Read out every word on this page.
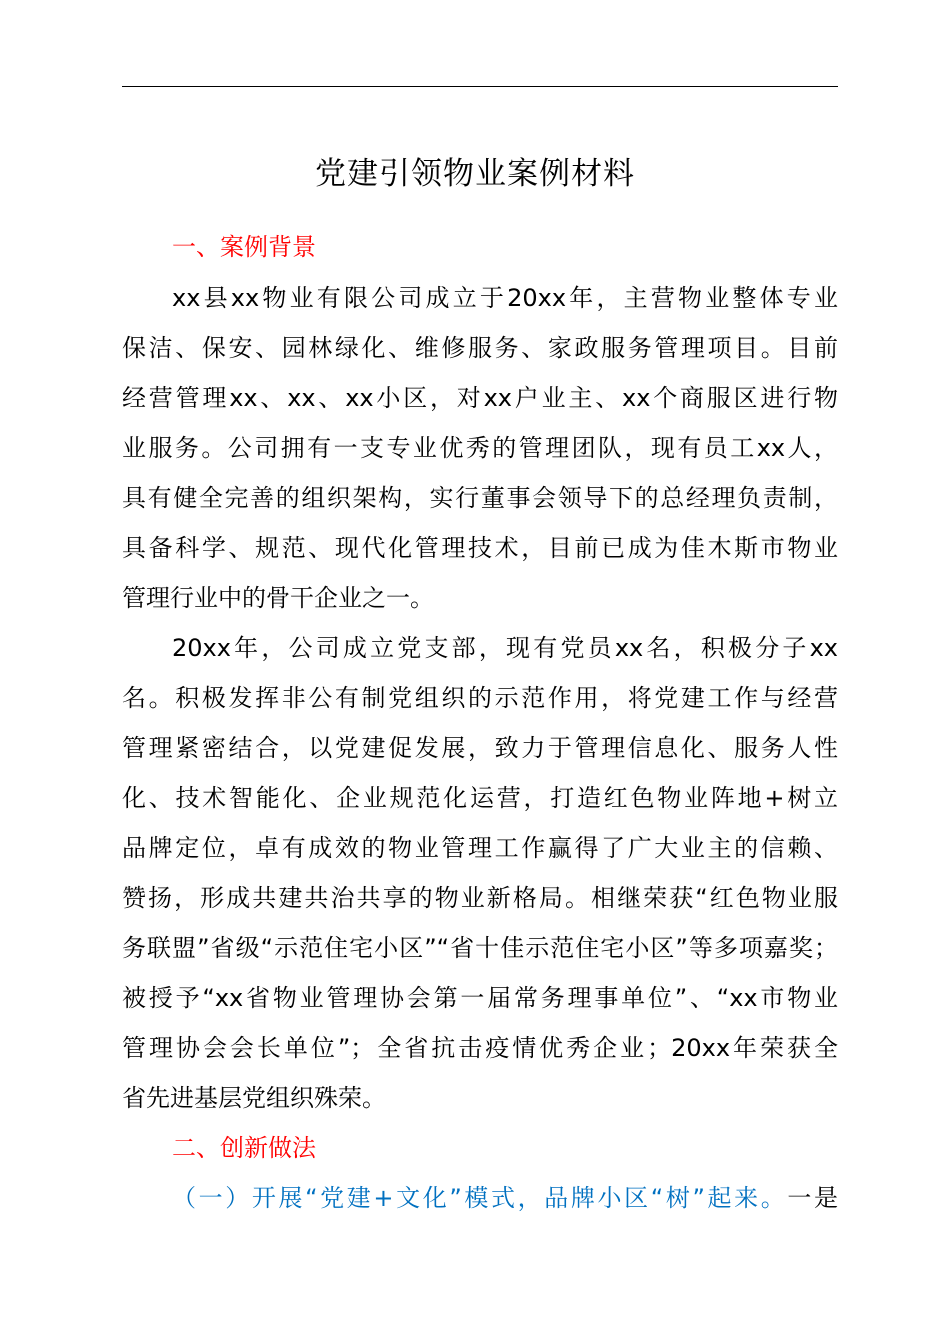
党建引领物业案例材料

一、案例背景

xx县xx物业有限公司成立于20xx年，主营物业整体专业

保洁、保安、园林绿化、维修服务、家政服务管理项目。目前

经营管理xx、xx、xx小区，对xx户业主、xx个商服区进行物

业服务。公司拥有一支专业优秀的管理团队，现有员工xx人，

具有健全完善的组织架构，实行董事会领导下的总经理负责制，

具备科学、规范、现代化管理技术，目前已成为佳木斯市物业

管理行业中的骨干企业之一。

20xx年，公司成立党支部，现有党员xx名，积极分子xx

名。积极发挥非公有制党组织的示范作用，将党建工作与经营

管理紧密结合，以党建促发展，致力于管理信息化、服务人性

化、技术智能化、企业规范化运营，打造红色物业阵地+树立

品牌定位，卓有成效的物业管理工作赢得了广大业主的信赖、

赞扬，形成共建共治共享的物业新格局。相继荣获“红色物业服

务联盟”省级“示范住宅小区”“省十佳示范住宅小区”等多项嘉奖；

被授予“xx省物业管理协会第一届常务理事单位”、“xx市物业

管理协会会长单位”；全省抗击疫情优秀企业；20xx年荣获全

省先进基层党组织殊荣。

二、创新做法

（一）开展“党建+文化”模式，品牌小区“树”起来。一是
